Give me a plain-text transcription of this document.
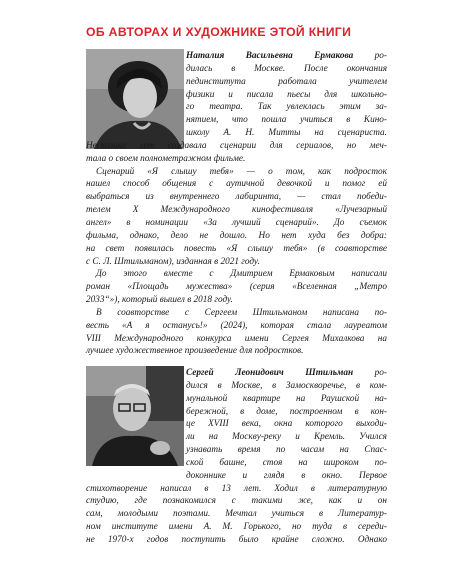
ОБ АВТОРАХ И ХУДОЖНИКЕ ЭТОЙ КНИГИ
Наталия Васильевна Ермакова ро-
дилась в Москве. После окончания
пединститута работала учителем
физики и писала пьесы для школьно-
го театра. Так увлеклась этим за-
нятием, что пошла учиться в Кино-
школу А. Н. Митты на сценариста.
Несколько лет создавала сценарии для сериалов, но меч-
тала о своем полнометражном фильме.
Сценарий «Я слышу тебя» — о том, как подросток
нашел способ общения с аутичной девочкой и помог ей
выбраться из внутреннего лабиринта, — стал победи-
телем X Международного кинофестиваля «Лучезарный
ангел» в номинации «За лучший сценарий». До съемок
фильма, однако, дело не дошло. Но нет худа без добра:
на свет появилась повесть «Я слышу тебя» (в соавторстве
с С. Л. Штильманом), изданная в 2021 году.
До этого вместе с Дмитрием Ермаковым написали
роман «Площадь мужества» (серия «Вселенная „Метро
2033“»), который вышел в 2018 году.
В соавторстве с Сергеем Штильманом написана по-
весть «А я останусь!» (2024), которая стала лауреатом
VIII Международного конкурса имени Сергея Михалкова на
лучшее художественное произведение для подростков.
Сергей Леонидович Штильман ро-
дился в Москве, в Замоскворечье, в ком-
мунальной квартире на Раушской на-
бережной, в доме, построенном в кон-
це XVIII века, окна которого выходи-
ли на Москву-реку и Кремль. Учился
узнавать время по часам на Спас-
ской башне, стоя на широком по-
доконнике и глядя в окно. Первое
стихотворение написал в 13 лет. Ходил в литературную
студию, где познакомился с такими же, как и он
сам, молодыми поэтами. Мечтал учиться в Литератур-
ном институте имени А. М. Горького, но туда в середи-
не 1970-х годов поступить было крайне сложно. Однако
